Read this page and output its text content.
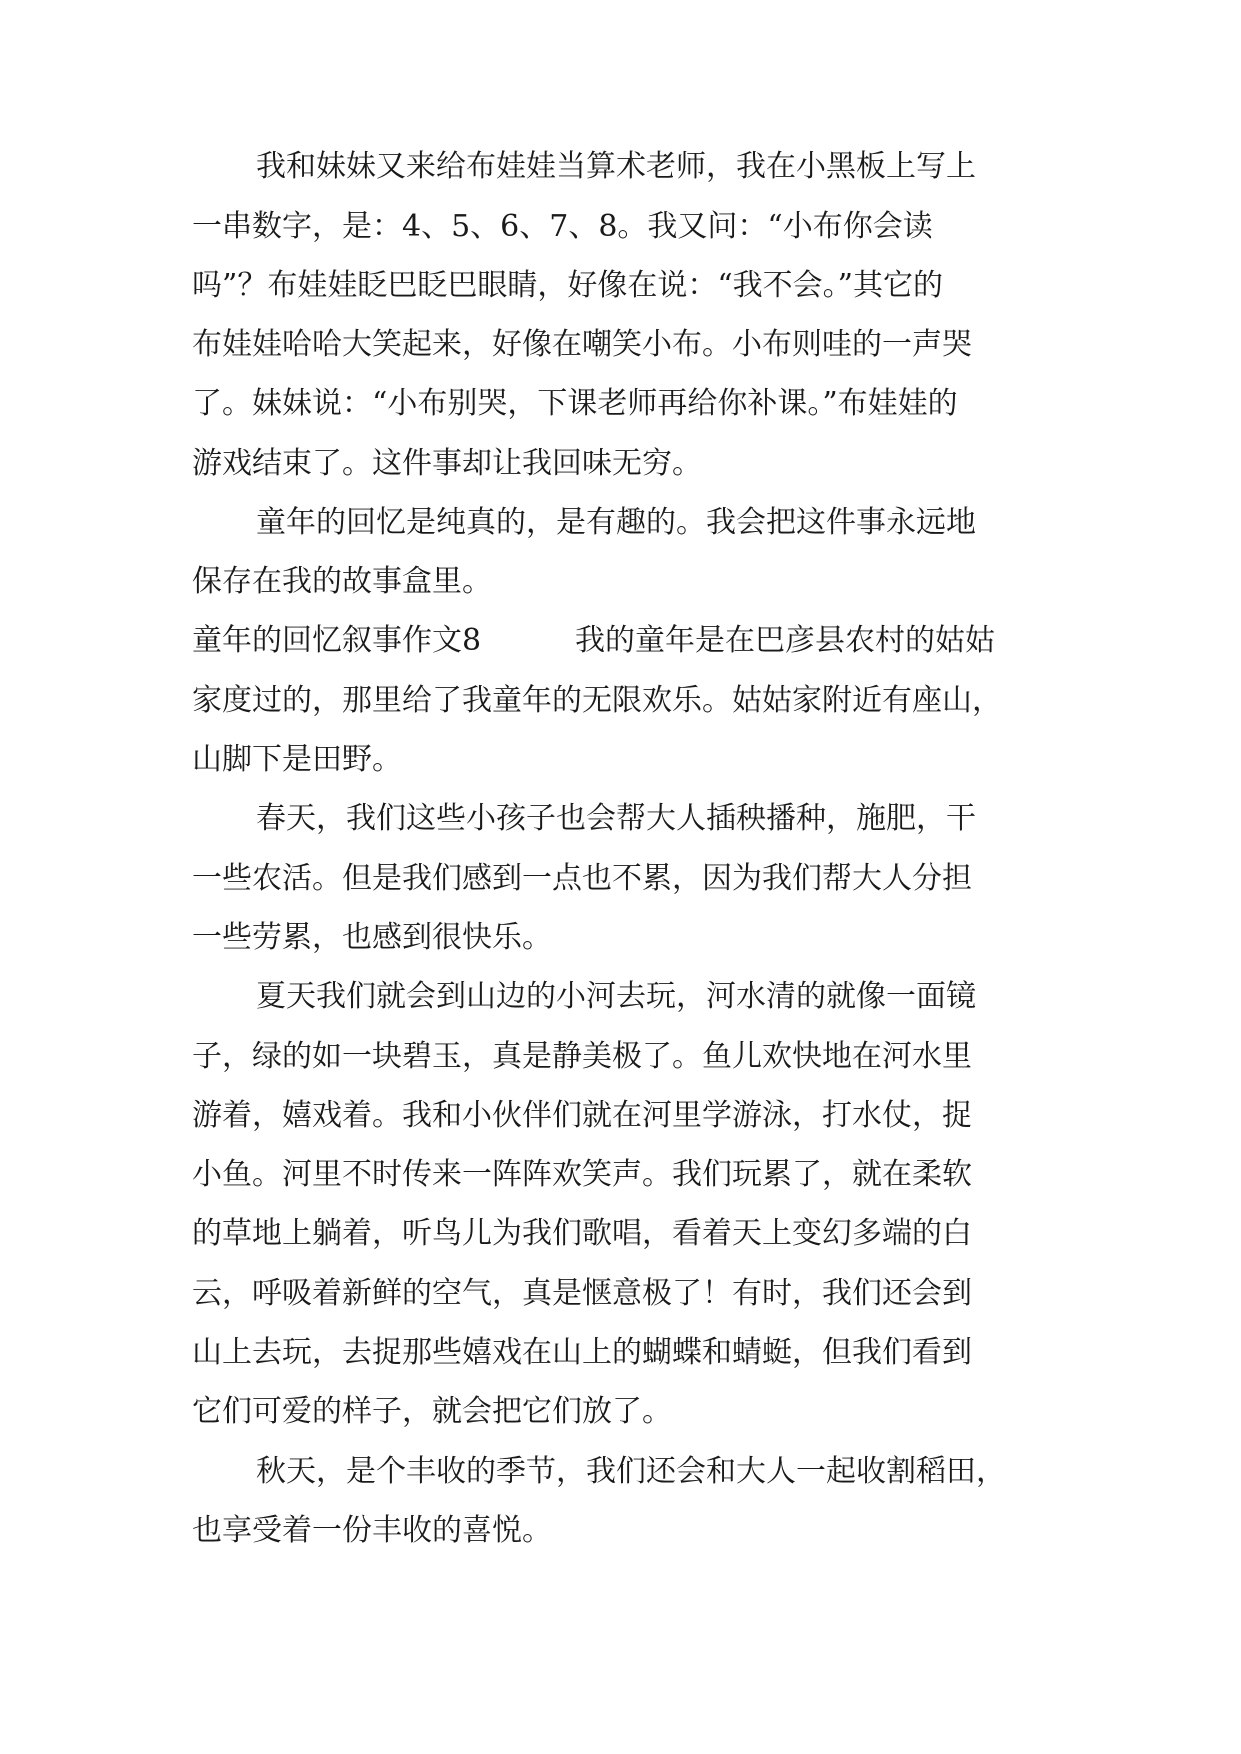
我和妹妹又来给布娃娃当算术老师，我在小黑板上写上
一串数字，是：4、5、6、7、8。我又问：“小布你会读
吗”？布娃娃眨巴眨巴眼睛，好像在说：“我不会。”其它的
布娃娃哈哈大笑起来，好像在嘲笑小布。小布则哇的一声哭
了。妹妹说：“小布别哭，下课老师再给你补课。”布娃娃的
游戏结束了。这件事却让我回味无穷。
童年的回忆是纯真的，是有趣的。我会把这件事永远地
保存在我的故事盒里。
童年的回忆叙事作文8	我的童年是在巴彦县农村的姑姑
家度过的，那里给了我童年的无限欢乐。姑姑家附近有座山，
山脚下是田野。
春天，我们这些小孩子也会帮大人插秧播种，施肥，干
一些农活。但是我们感到一点也不累，因为我们帮大人分担
一些劳累，也感到很快乐。
夏天我们就会到山边的小河去玩，河水清的就像一面镜
子，绿的如一块碧玉，真是静美极了。鱼儿欢快地在河水里
游着，嬉戏着。我和小伙伴们就在河里学游泳，打水仗，捉
小鱼。河里不时传来一阵阵欢笑声。我们玩累了，就在柔软
的草地上躺着，听鸟儿为我们歌唱，看着天上变幻多端的白
云，呼吸着新鲜的空气，真是惬意极了！有时，我们还会到
山上去玩，去捉那些嬉戏在山上的蝴蝶和蜻蜓，但我们看到
它们可爱的样子，就会把它们放了。
秋天，是个丰收的季节，我们还会和大人一起收割稻田，
也享受着一份丰收的喜悦。
